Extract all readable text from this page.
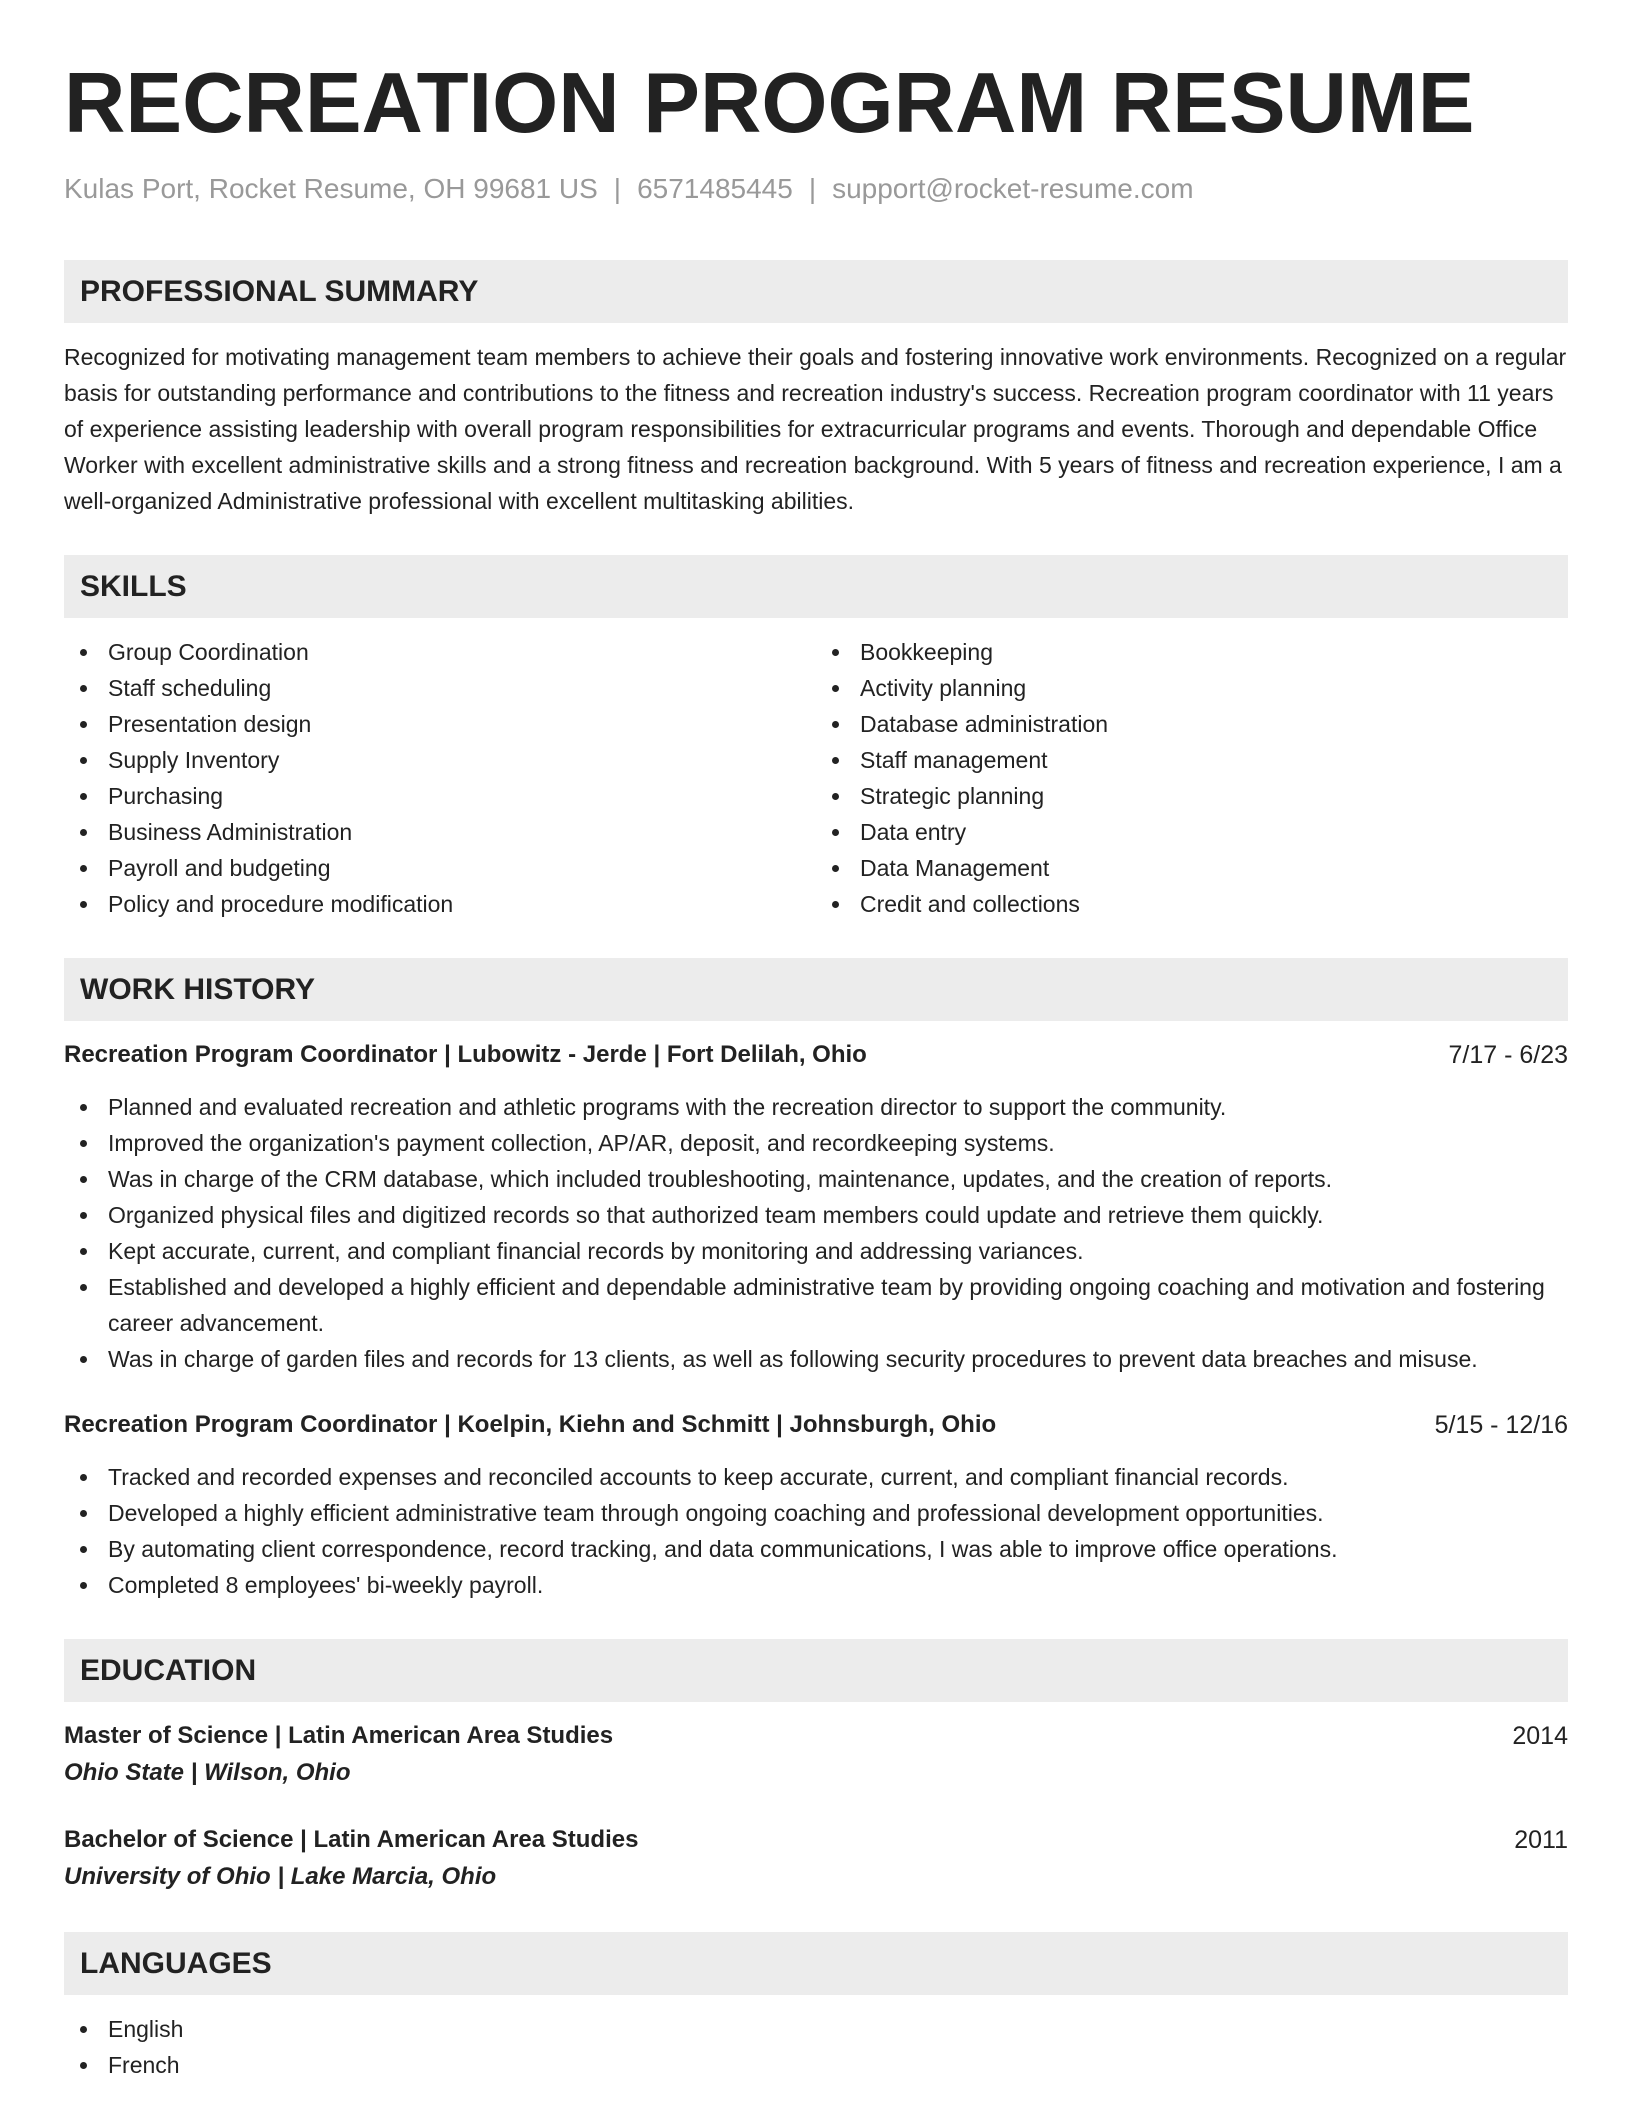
RECREATION PROGRAM RESUME
Kulas Port, Rocket Resume, OH 99681 US | 6571485445 | support@rocket-resume.com
PROFESSIONAL SUMMARY
Recognized for motivating management team members to achieve their goals and fostering innovative work environments. Recognized on a regular basis for outstanding performance and contributions to the fitness and recreation industry's success. Recreation program coordinator with 11 years of experience assisting leadership with overall program responsibilities for extracurricular programs and events. Thorough and dependable Office Worker with excellent administrative skills and a strong fitness and recreation background. With 5 years of fitness and recreation experience, I am a well-organized Administrative professional with excellent multitasking abilities.
SKILLS
Group Coordination
Staff scheduling
Presentation design
Supply Inventory
Purchasing
Business Administration
Payroll and budgeting
Policy and procedure modification
Bookkeeping
Activity planning
Database administration
Staff management
Strategic planning
Data entry
Data Management
Credit and collections
WORK HISTORY
Recreation Program Coordinator | Lubowitz - Jerde | Fort Delilah, Ohio	7/17 - 6/23
Planned and evaluated recreation and athletic programs with the recreation director to support the community.
Improved the organization's payment collection, AP/AR, deposit, and recordkeeping systems.
Was in charge of the CRM database, which included troubleshooting, maintenance, updates, and the creation of reports.
Organized physical files and digitized records so that authorized team members could update and retrieve them quickly.
Kept accurate, current, and compliant financial records by monitoring and addressing variances.
Established and developed a highly efficient and dependable administrative team by providing ongoing coaching and motivation and fostering career advancement.
Was in charge of garden files and records for 13 clients, as well as following security procedures to prevent data breaches and misuse.
Recreation Program Coordinator | Koelpin, Kiehn and Schmitt | Johnsburgh, Ohio	5/15 - 12/16
Tracked and recorded expenses and reconciled accounts to keep accurate, current, and compliant financial records.
Developed a highly efficient administrative team through ongoing coaching and professional development opportunities.
By automating client correspondence, record tracking, and data communications, I was able to improve office operations.
Completed 8 employees' bi-weekly payroll.
EDUCATION
Master of Science | Latin American Area Studies	2014
Ohio State | Wilson, Ohio
Bachelor of Science | Latin American Area Studies	2011
University of Ohio | Lake Marcia, Ohio
LANGUAGES
English
French
